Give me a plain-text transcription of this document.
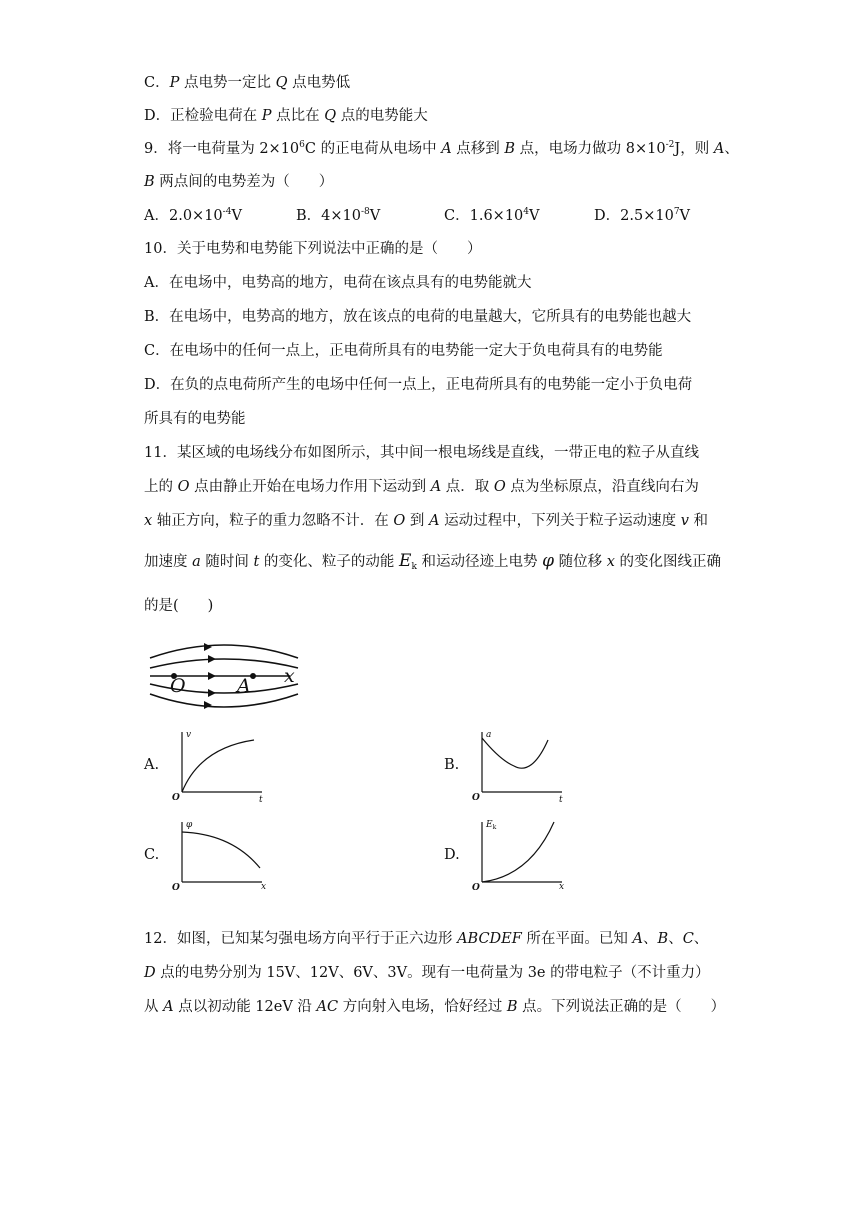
C．P 点电势一定比 Q 点电势低
D．正检验电荷在 P 点比在 Q 点的电势能大
9．将一电荷量为 $2\times 10^6C$ 的正电荷从电场中 A 点移到 B 点，电场力做功 $8\times 10^{-2}J$，则 A、
B 两点间的电势差为（　　）
A．$2.0\times 10^{-4}V$	B．$4\times 10^{-8}V$	C．$1.6\times 10^4V$	D．$2.5\times 10^7V$
10．关于电势和电势能下列说法中正确的是（　　）
A．在电场中，电势高的地方，电荷在该点具有的电势能就大
B．在电场中，电势高的地方，放在该点的电荷的电量越大，它所具有的电势能也越大
C．在电场中的任何一点上，正电荷所具有的电势能一定大于负电荷具有的电势能
D．在负的点电荷所产生的电场中任何一点上，正电荷所具有的电势能一定小于负电荷
所具有的电势能
11．某区域的电场线分布如图所示，其中间一根电场线是直线，一带正电的粒子从直线
上的 O 点由静止开始在电场力作用下运动到 A 点．取 O 点为坐标原点，沿直线向右为
x 轴正方向，粒子的重力忽略不计．在 O 到 A 运动过程中，下列关于粒子运动速度 v 和
加速度 a 随时间 t 的变化、粒子的动能 $E_k$ 和运动径迹上电势 φ 随位移 x 的变化图线正确
的是(　　)
O	A x
A.
v
O	t
B.
a
O	t
C.
φ
O	x
D.
$E_k$
O	x
12．如图，已知某匀强电场方向平行于正六边形 ABCDEF 所在平面。已知 A、B、C、
D 点的电势分别为 15V、12V、6V、3V。现有一电荷量为 3e 的带电粒子（不计重力）
从 A 点以初动能 12eV 沿 AC 方向射入电场，恰好经过 B 点。下列说法正确的是（　　）
